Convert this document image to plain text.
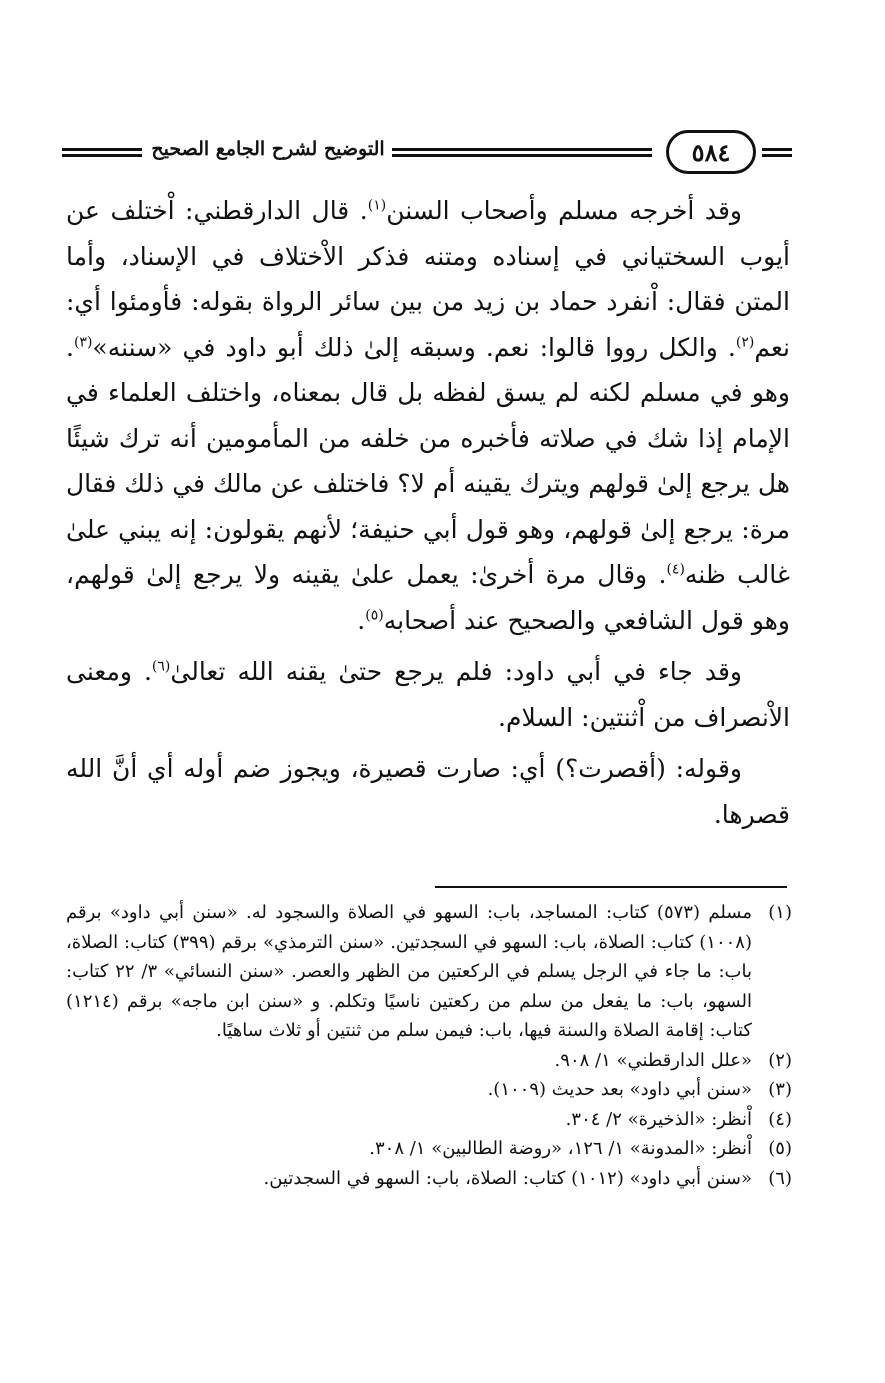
التوضيح لشرح الجامع الصحيح	٥٨٤

وقد أخرجه مسلم وأصحاب السنن$^{(١)}$. قال الدارقطني: اْختلف عن أيوب السختياني في إسناده ومتنه فذكر الاْختلاف في الإسناد، وأما المتن فقال: اْنفرد حماد بن زيد من بين سائر الرواة بقوله: فأومئوا أي: نعم$^{(٢)}$. والكل رووا قالوا: نعم. وسبقه إلىٰ ذلك أبو داود في «سننه»$^{(٣)}$. وهو في مسلم لكنه لم يسق لفظه بل قال بمعناه، واختلف العلماء في الإمام إذا شك في صلاته فأخبره من خلفه من المأمومين أنه ترك شيئًا هل يرجع إلىٰ قولهم ويترك يقينه أم لا؟ فاختلف عن مالك في ذلك فقال مرة: يرجع إلىٰ قولهم، وهو قول أبي حنيفة؛ لأنهم يقولون: إنه يبني علىٰ غالب ظنه$^{(٤)}$. وقال مرة أخرىٰ: يعمل علىٰ يقينه ولا يرجع إلىٰ قولهم، وهو قول الشافعي والصحيح عند أصحابه$^{(٥)}$.

وقد جاء في أبي داود: فلم يرجع حتىٰ يقنه الله تعالىٰ$^{(٦)}$. ومعنى الاْنصراف من اْثنتين: السلام.

وقوله: (أقصرت؟) أي: صارت قصيرة، ويجوز ضم أوله أي أنَّ الله قصرها.

(١)
مسلم (٥٧٣) كتاب: المساجد، باب: السهو في الصلاة والسجود له. «سنن أبي داود» برقم (١٠٠٨) كتاب: الصلاة، باب: السهو في السجدتين. «سنن الترمذي» برقم (٣٩٩) كتاب: الصلاة، باب: ما جاء في الرجل يسلم في الركعتين من الظهر والعصر. «سنن النسائي» ٣/ ٢٢ كتاب: السهو، باب: ما يفعل من سلم من ركعتين ناسيًا وتكلم. و «سنن ابن ماجه» برقم (١٢١٤) كتاب: إقامة الصلاة والسنة فيها، باب: فيمن سلم من ثنتين أو ثلاث ساهيًا.
(٢)
«علل الدارقطني» ١/ ٩٠٨.
(٣)
«سنن أبي داود» بعد حديث (١٠٠٩).
(٤)
اْنظر: «الذخيرة» ٢/ ٣٠٤.
(٥)
اْنظر: «المدونة» ١/ ١٢٦، «روضة الطالبين» ١/ ٣٠٨.
(٦)
«سنن أبي داود» (١٠١٢) كتاب: الصلاة، باب: السهو في السجدتين.
